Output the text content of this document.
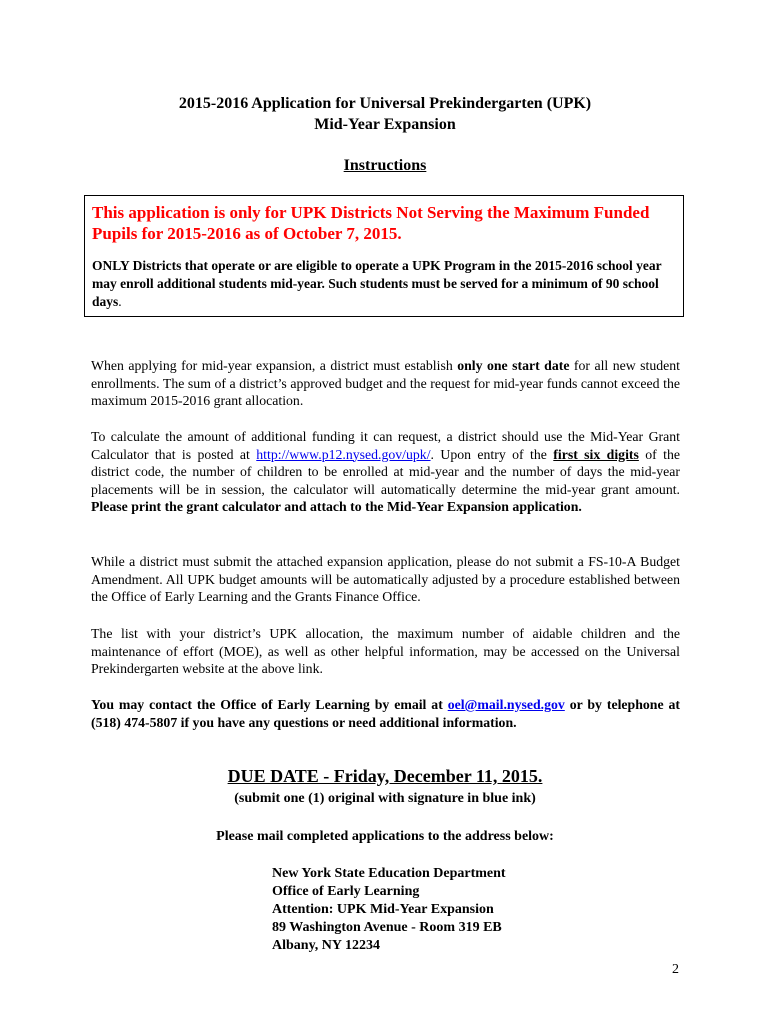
2015-2016 Application for Universal Prekindergarten (UPK)
Mid-Year Expansion
Instructions

This application is only for UPK Districts Not Serving the Maximum Funded Pupils for 2015-2016 as of October 7, 2015.

ONLY Districts that operate or are eligible to operate a UPK Program in the 2015-2016 school year may enroll additional students mid-year. Such students must be served for a minimum of 90 school days.

When applying for mid-year expansion, a district must establish only one start date for all new student enrollments. The sum of a district’s approved budget and the request for mid-year funds cannot exceed the maximum 2015-2016 grant allocation.

To calculate the amount of additional funding it can request, a district should use the Mid-Year Grant Calculator that is posted at http://www.p12.nysed.gov/upk/. Upon entry of the first six digits of the district code, the number of children to be enrolled at mid-year and the number of days the mid-year placements will be in session, the calculator will automatically determine the mid-year grant amount. Please print the grant calculator and attach to the Mid-Year Expansion application.

While a district must submit the attached expansion application, please do not submit a FS-10-A Budget Amendment. All UPK budget amounts will be automatically adjusted by a procedure established between the Office of Early Learning and the Grants Finance Office.

The list with your district’s UPK allocation, the maximum number of aidable children and the maintenance of effort (MOE), as well as other helpful information, may be accessed on the Universal Prekindergarten website at the above link.

You may contact the Office of Early Learning by email at oel@mail.nysed.gov or by telephone at (518) 474-5807 if you have any questions or need additional information.

DUE DATE - Friday, December 11, 2015.
(submit one (1) original with signature in blue ink)
Please mail completed applications to the address below:
New York State Education Department
Office of Early Learning
Attention: UPK Mid-Year Expansion
89 Washington Avenue - Room 319 EB
Albany, NY 12234
2
